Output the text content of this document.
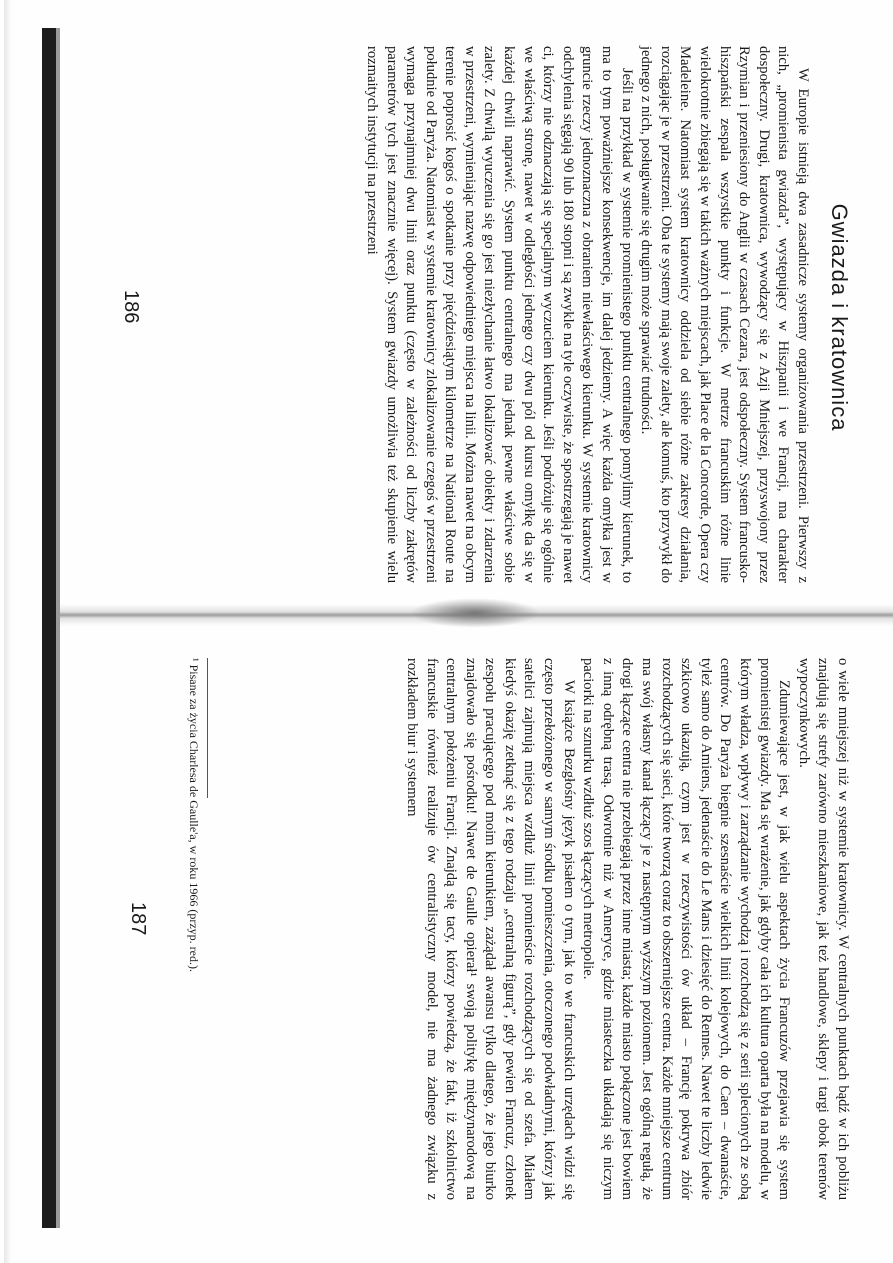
Gwiazda i kratownica

W Europie istnieją dwa zasadnicze systemy organizowania przestrzeni. Pierwszy z nich, „promienista gwiazda”, występujący w Hiszpanii i we Francji, ma charakter dospołeczny. Drugi, kratownica, wywodzący się z Azji Mniejszej, przyswojony przez Rzymian i przeniesiony do Anglii w czasach Cezara, jest odspołeczny. System francusko-hiszpański zespala wszystkie punkty i funkcje. W metrze francuskim różne linie wielokrotnie zbiegają się w takich ważnych miejscach, jak Place de la Concorde, Opera czy Madeleine. Natomiast system kratownicy oddziela od siebie różne zakresy działania, rozciągając je w przestrzeni. Oba te systemy mają swoje zalety, ale komuś, kto przywykł do jednego z nich, posługiwanie się drugim może sprawiać trudności.

Jeśli na przykład w systemie promienistego punktu centralnego pomylimy kierunek, to ma to tym poważniejsze konsekwencje, im dalej jedziemy. A więc każda omyłka jest w gruncie rzeczy jednoznaczna z obraniem niewłaściwego kierunku. W systemie kratownicy odchylenia sięgają 90 lub 180 stopni i są zwykle na tyle oczywiste, że spostrzegają je nawet ci, którzy nie odznaczają się specjalnym wyczuciem kierunku. Jeśli podróżuje się ogólnie we właściwą stronę, nawet w odległości jednego czy dwu pól od kursu omyłkę da się w każdej chwili naprawić. System punktu centralnego ma jednak pewne właściwe sobie zalety. Z chwilą wyuczenia się go jest niezłychanie łatwo lokalizować obiekty i zdarzenia w przestrzeni, wymieniając nazwę odpowiedniego miejsca na linii. Można nawet na obcym terenie poprosić kogoś o spotkanie przy pięćdziesiątym kilometrze na National Route na południe od Paryża. Natomiast w systemie kratownicy zlokalizowanie czegoś w przestrzeni wymaga przynajmniej dwu linii oraz punktu (często w zależności od liczby zakrętów parametrów tych jest znacznie więcej). System gwiazdy umożliwia też skupienie wielu rozmaitych instytucji na przestrzeni

186

o wiele mniejszej niż w systemie kratownicy. W centralnych punktach bądź w ich pobliżu znajdują się strefy zarówno mieszkaniowe, jak też handlowe, sklepy i targi obok terenów wypoczynkowych.

Zdumiewające jest, w jak wielu aspektach życia Francuzów przejawia się system promienistej gwiazdy. Ma się wrażenie, jak gdyby cała ich kultura oparta była na modelu, w którym władza, wpływy i zarządzanie wychodzą i rozchodzą się z serii splecionych ze sobą centrów. Do Paryża biegnie szesnaście wielkich linii kolejowych, do Caen – dwanaście, tyleż samo do Amiens, jedenaście do Le Mans i dziesięć do Rennes. Nawet te liczby ledwie szkicowo ukazują, czym jest w rzeczywistości ów układ – Francję pokrywa zbiór rozchodzących się sieci, które tworzą coraz to obszerniejsze centra. Każde mniejsze centrum ma swój własny kanał łączący je z następnym wyższym poziomem. Jest ogólną regułą, że drogi łączące centra nie przebiegają przez inne miasta; każde miasto połączone jest bowiem z inną odrębną trasą. Odwrotnie niż w Ameryce, gdzie miasteczka układają się niczym paciorki na sznurku wzdłuż szos łączących metropolie.

W książce Bezgłośny język pisałem o tym, jak to we francuskich urzędach widzi się często przełożonego w samym środku pomieszczenia, otoczonego podwładnymi, którzy jak satelici zajmują miejsca wzdłuż linii promienście rozchodzących się od szefa. Miałem kiedyś okazję zetknąć się z tego rodzaju „centralną figurą”, gdy pewien Francuz, członek zespołu pracującego pod moim kierunkiem, zażądał awansu tylko dlatego, że jego biurko znajdowało się pośrodku! Nawet de Gaulle opierał¹ swoją politykę międzynarodową na centralnym położeniu Francji. Znajdą się tacy, którzy powiedzą, że fakt, iż szkolnictwo francuskie również realizuje ów centralistyczny model, nie ma żadnego związku z rozkładem biur i systemem

¹ Pisane za życia Charlesa de Gaulle'a, w roku 1966 (przyp. red.).
187
